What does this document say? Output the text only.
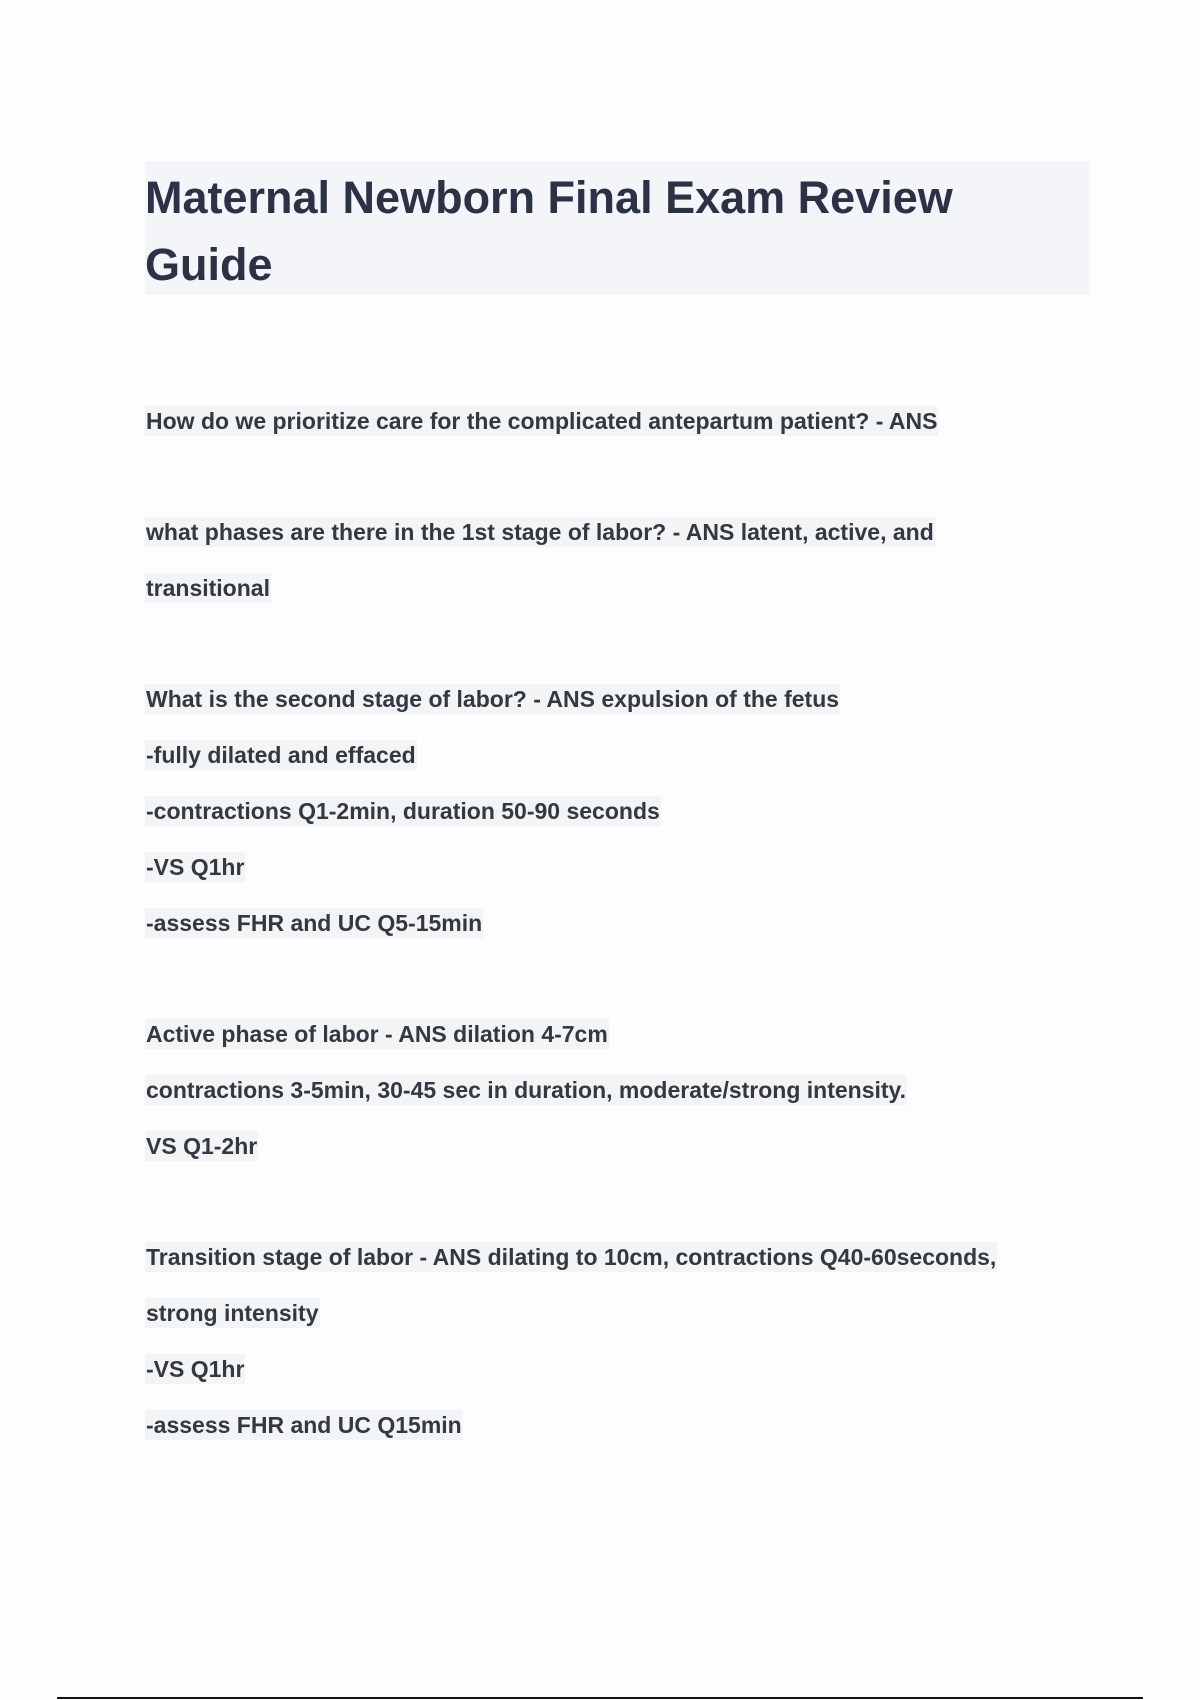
Maternal Newborn Final Exam Review Guide
How do we prioritize care for the complicated antepartum patient? - ANS
what phases are there in the 1st stage of labor? - ANS latent, active, and
transitional
What is the second stage of labor? - ANS expulsion of the fetus
-fully dilated and effaced
-contractions Q1-2min, duration 50-90 seconds
-VS Q1hr
-assess FHR and UC Q5-15min
Active phase of labor - ANS dilation 4-7cm
contractions 3-5min, 30-45 sec in duration, moderate/strong intensity.
VS Q1-2hr
Transition stage of labor - ANS dilating to 10cm, contractions Q40-60seconds,
strong intensity
-VS Q1hr
-assess FHR and UC Q15min
